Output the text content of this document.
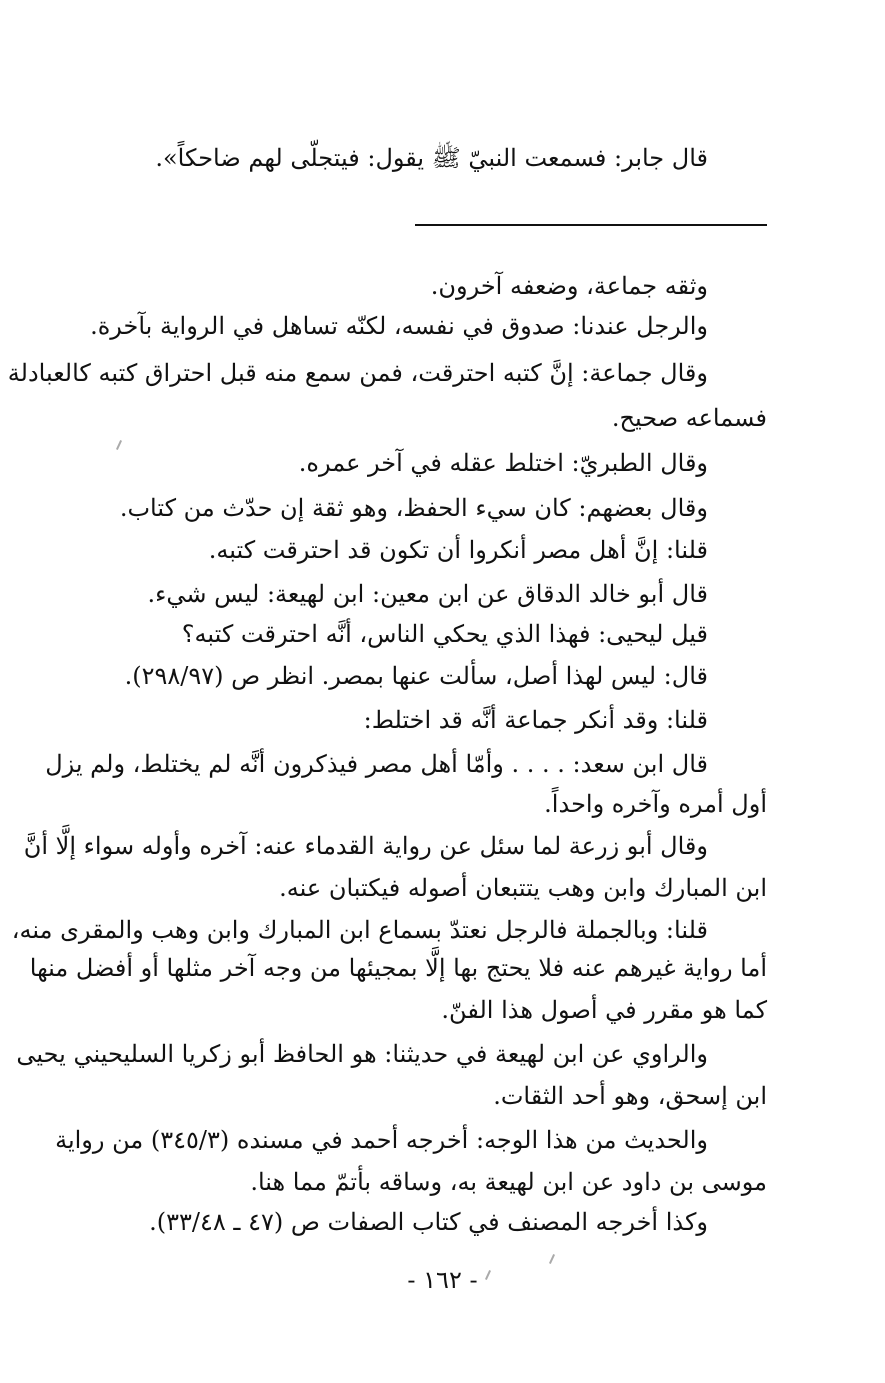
قال جابر: فسمعت النبيّ ﷺ يقول: فيتجلّى لهم ضاحكاً».
وثقه جماعة، وضعفه آخرون.
والرجل عندنا: صدوق في نفسه، لكنّه تساهل في الرواية بآخرة.
وقال جماعة: إنَّ كتبه احترقت، فمن سمع منه قبل احتراق كتبه كالعبادلة
فسماعه صحيح.
وقال الطبريّ: اختلط عقله في آخر عمره.
وقال بعضهم: كان سيء الحفظ، وهو ثقة إن حدّث من كتاب.
قلنا: إنَّ أهل مصر أنكروا أن تكون قد احترقت كتبه.
قال أبو خالد الدقاق عن ابن معين: ابن لهيعة: ليس شيء.
قيل ليحيى: فهذا الذي يحكي الناس، أنَّه احترقت كتبه؟
قال: ليس لهذا أصل، سألت عنها بمصر. انظر ص (٢٩٨/٩٧).
قلنا: وقد أنكر جماعة أنَّه قد اختلط:
قال ابن سعد: . . . . وأمّا أهل مصر فيذكرون أنَّه لم يختلط، ولم يزل
أول أمره وآخره واحداً.
وقال أبو زرعة لما سئل عن رواية القدماء عنه: آخره وأوله سواء إلَّا أنَّ
ابن المبارك وابن وهب يتتبعان أصوله فيكتبان عنه.
قلنا: وبالجملة فالرجل نعتدّ بسماع ابن المبارك وابن وهب والمقرى منه،
أما رواية غيرهم عنه فلا يحتج بها إلَّا بمجيئها من وجه آخر مثلها أو أفضل منها
كما هو مقرر في أصول هذا الفنّ.
والراوي عن ابن لهيعة في حديثنا: هو الحافظ أبو زكريا السليحيني يحيى
ابن إسحق، وهو أحد الثقات.
والحديث من هذا الوجه: أخرجه أحمد في مسنده (٣٤٥/٣) من رواية
موسى بن داود عن ابن لهيعة به، وساقه بأتمّ مما هنا.
وكذا أخرجه المصنف في كتاب الصفات ص (٤٧ ـ ٣٣/٤٨).
- ١٦٢ -
